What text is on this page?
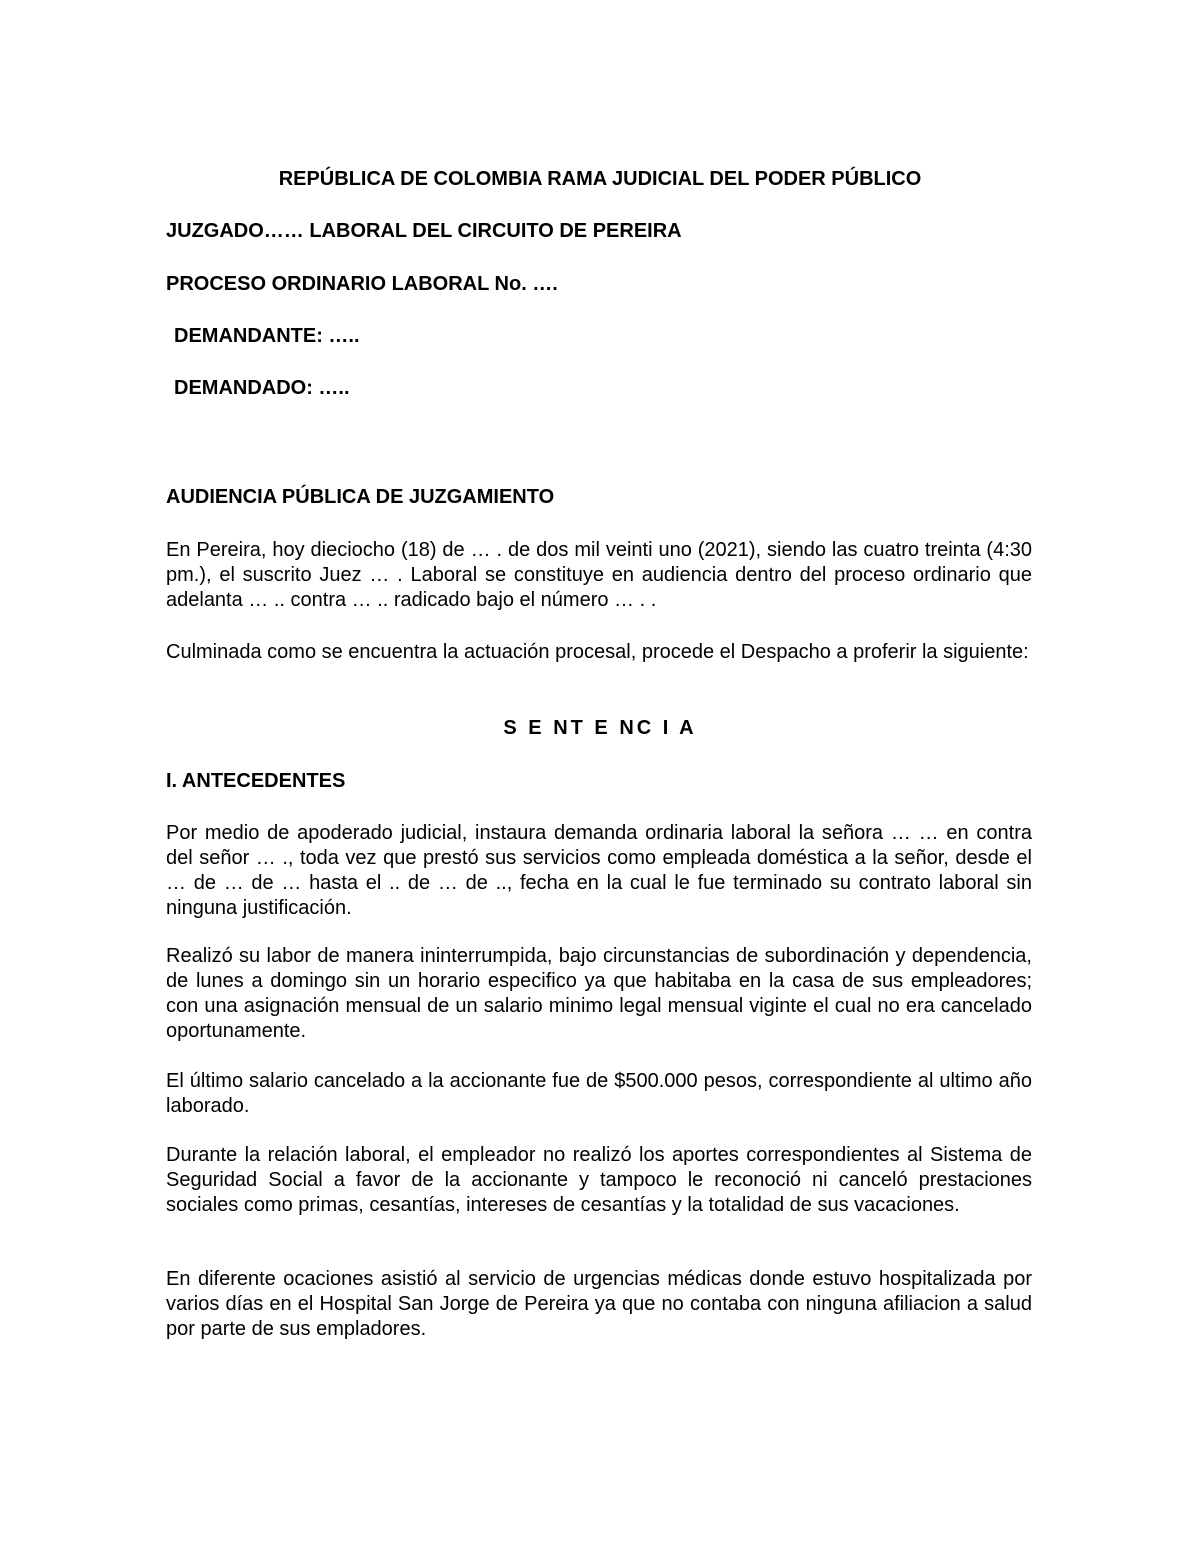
REPÚBLICA DE COLOMBIA RAMA JUDICIAL DEL PODER PÚBLICO

JUZGADO…… LABORAL DEL CIRCUITO DE PEREIRA

PROCESO ORDINARIO LABORAL No. ….

DEMANDANTE: …..

DEMANDADO: …..

AUDIENCIA PÚBLICA DE JUZGAMIENTO

En Pereira, hoy dieciocho (18) de … . de dos mil veinti uno (2021), siendo las cuatro treinta (4:30 pm.), el suscrito Juez … . Laboral se constituye en audiencia dentro del proceso ordinario que adelanta … .. contra … .. radicado bajo el número … . .

Culminada como se encuentra la actuación procesal, procede el Despacho a proferir la siguiente:

S E NT E NC I A

I. ANTECEDENTES

Por medio de apoderado judicial, instaura demanda ordinaria laboral la señora … … en contra del señor … ., toda vez que prestó sus servicios como empleada doméstica a la señor, desde el … de … de … hasta el .. de … de .., fecha en la cual le fue terminado su contrato laboral sin ninguna justificación.

Realizó su labor de manera ininterrumpida, bajo circunstancias de subordinación y dependencia, de lunes a domingo sin un horario especifico ya que habitaba en la casa de sus empleadores; con una asignación mensual de un salario minimo legal mensual viginte el cual no era cancelado oportunamente.

El último salario cancelado a la accionante fue de $500.000 pesos, correspondiente al ultimo año laborado.

Durante la relación laboral, el empleador no realizó los aportes correspondientes al Sistema de Seguridad Social a favor de la accionante y tampoco le reconoció ni canceló prestaciones sociales como primas, cesantías, intereses de cesantías y la totalidad de sus vacaciones.

En diferente ocaciones asistió al servicio de urgencias médicas donde estuvo hospitalizada por varios días en el Hospital San Jorge de Pereira ya que no contaba con ninguna afiliacion a salud por parte de sus empladores.
